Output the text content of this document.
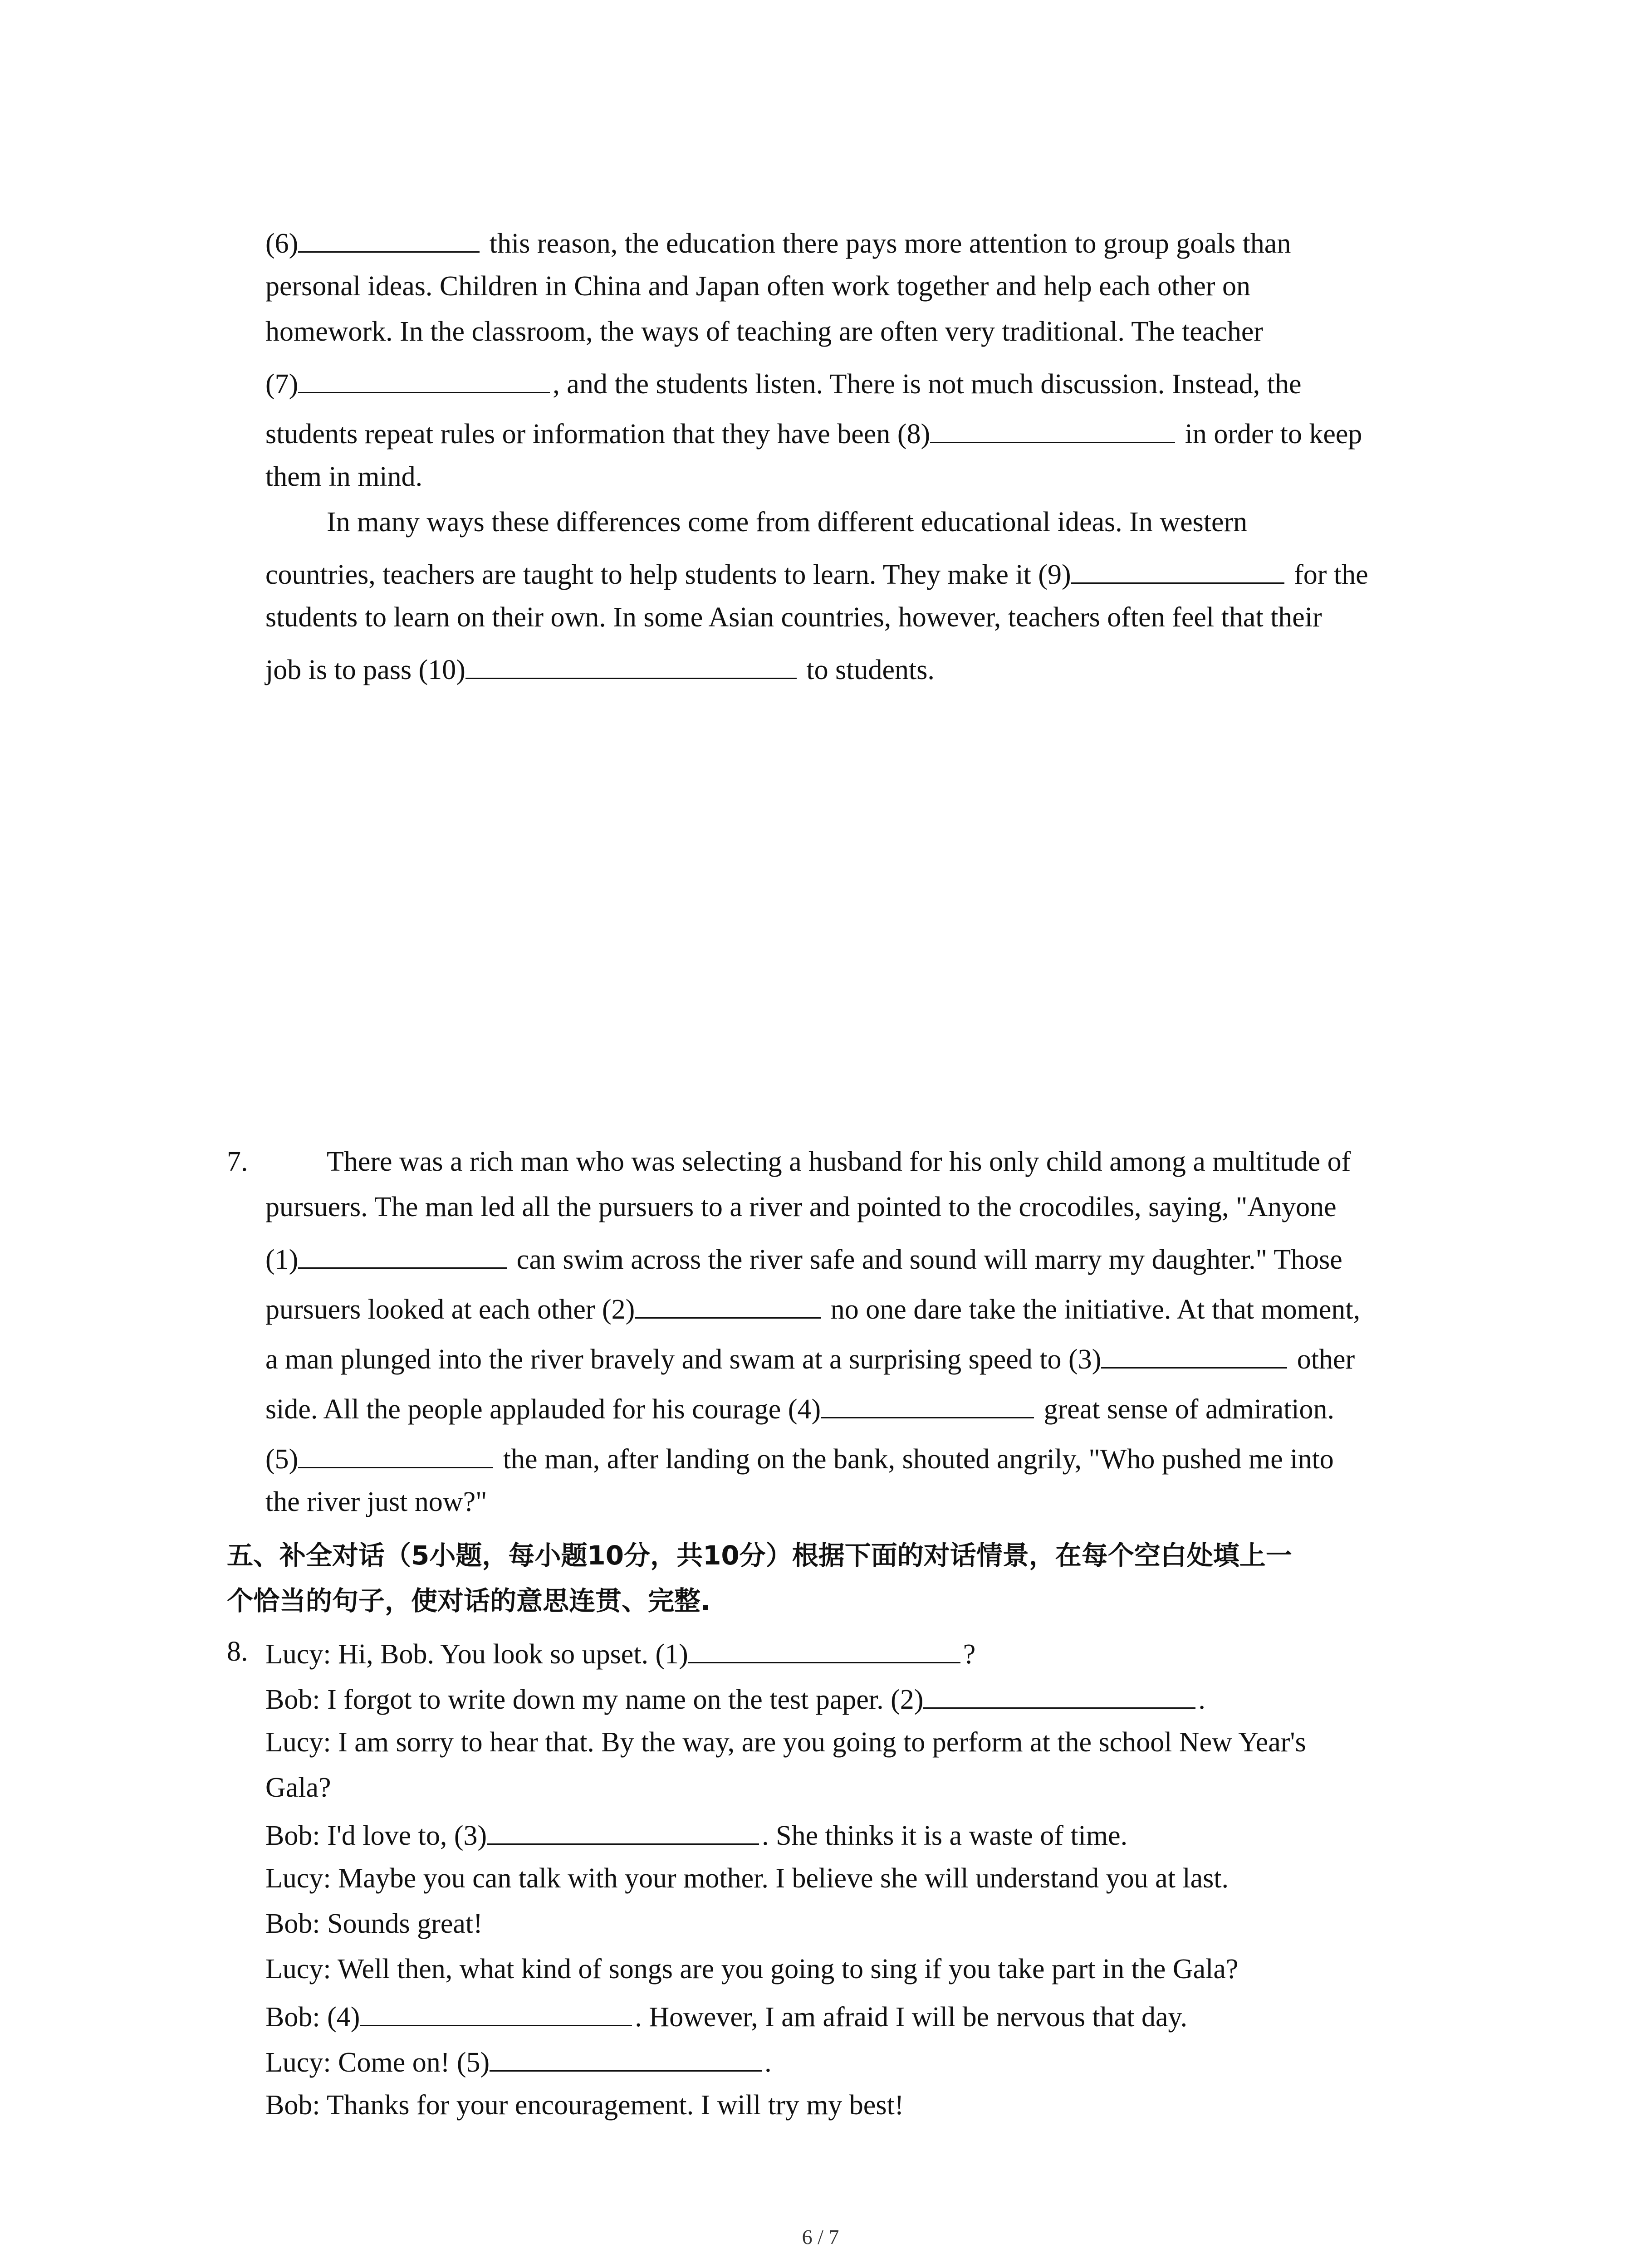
(6)	this reason, the education there pays more attention to group goals than
personal ideas. Children in China and Japan often work together and help each other on
homework. In the classroom, the ways of teaching are often very traditional. The teacher
(7)	, and the students listen. There is not much discussion. Instead, the
students repeat rules or information that they have been (8)	in order to keep
them in mind.
In many ways these differences come from different educational ideas. In western
countries, teachers are taught to help students to learn. They make it (9)	for the
students to learn on their own. In some Asian countries, however, teachers often feel that their
job is to pass (10)	to students.
7.	There was a rich man who was selecting a husband for his only child among a multitude of
pursuers. The man led all the pursuers to a river and pointed to the crocodiles, saying, "Anyone
(1)	can swim across the river safe and sound will marry my daughter." Those
pursuers looked at each other (2)	no one dare take the initiative. At that moment,
a man plunged into the river bravely and swam at a surprising speed to (3)	other
side. All the people applauded for his courage (4)	great sense of admiration.
(5)	the man, after landing on the bank, shouted angrily, "Who pushed me into
the river just now?"
五、补全对话（5小题，每小题10分，共10分）根据下面的对话情景，在每个空白处填上一
个恰当的句子，使对话的意思连贯、完整.
8. Lucy: Hi, Bob. You look so upset. (1)	?
Bob: I forgot to write down my name on the test paper. (2)	.
Lucy: I am sorry to hear that. By the way, are you going to perform at the school New Year's
Gala?
Bob: I'd love to, (3)	. She thinks it is a waste of time.
Lucy: Maybe you can talk with your mother. I believe she will understand you at last.
Bob: Sounds great!
Lucy: Well then, what kind of songs are you going to sing if you take part in the Gala?
Bob: (4)	. However, I am afraid I will be nervous that day.
Lucy: Come on! (5)	.
Bob: Thanks for your encouragement. I will try my best!
6 / 7
